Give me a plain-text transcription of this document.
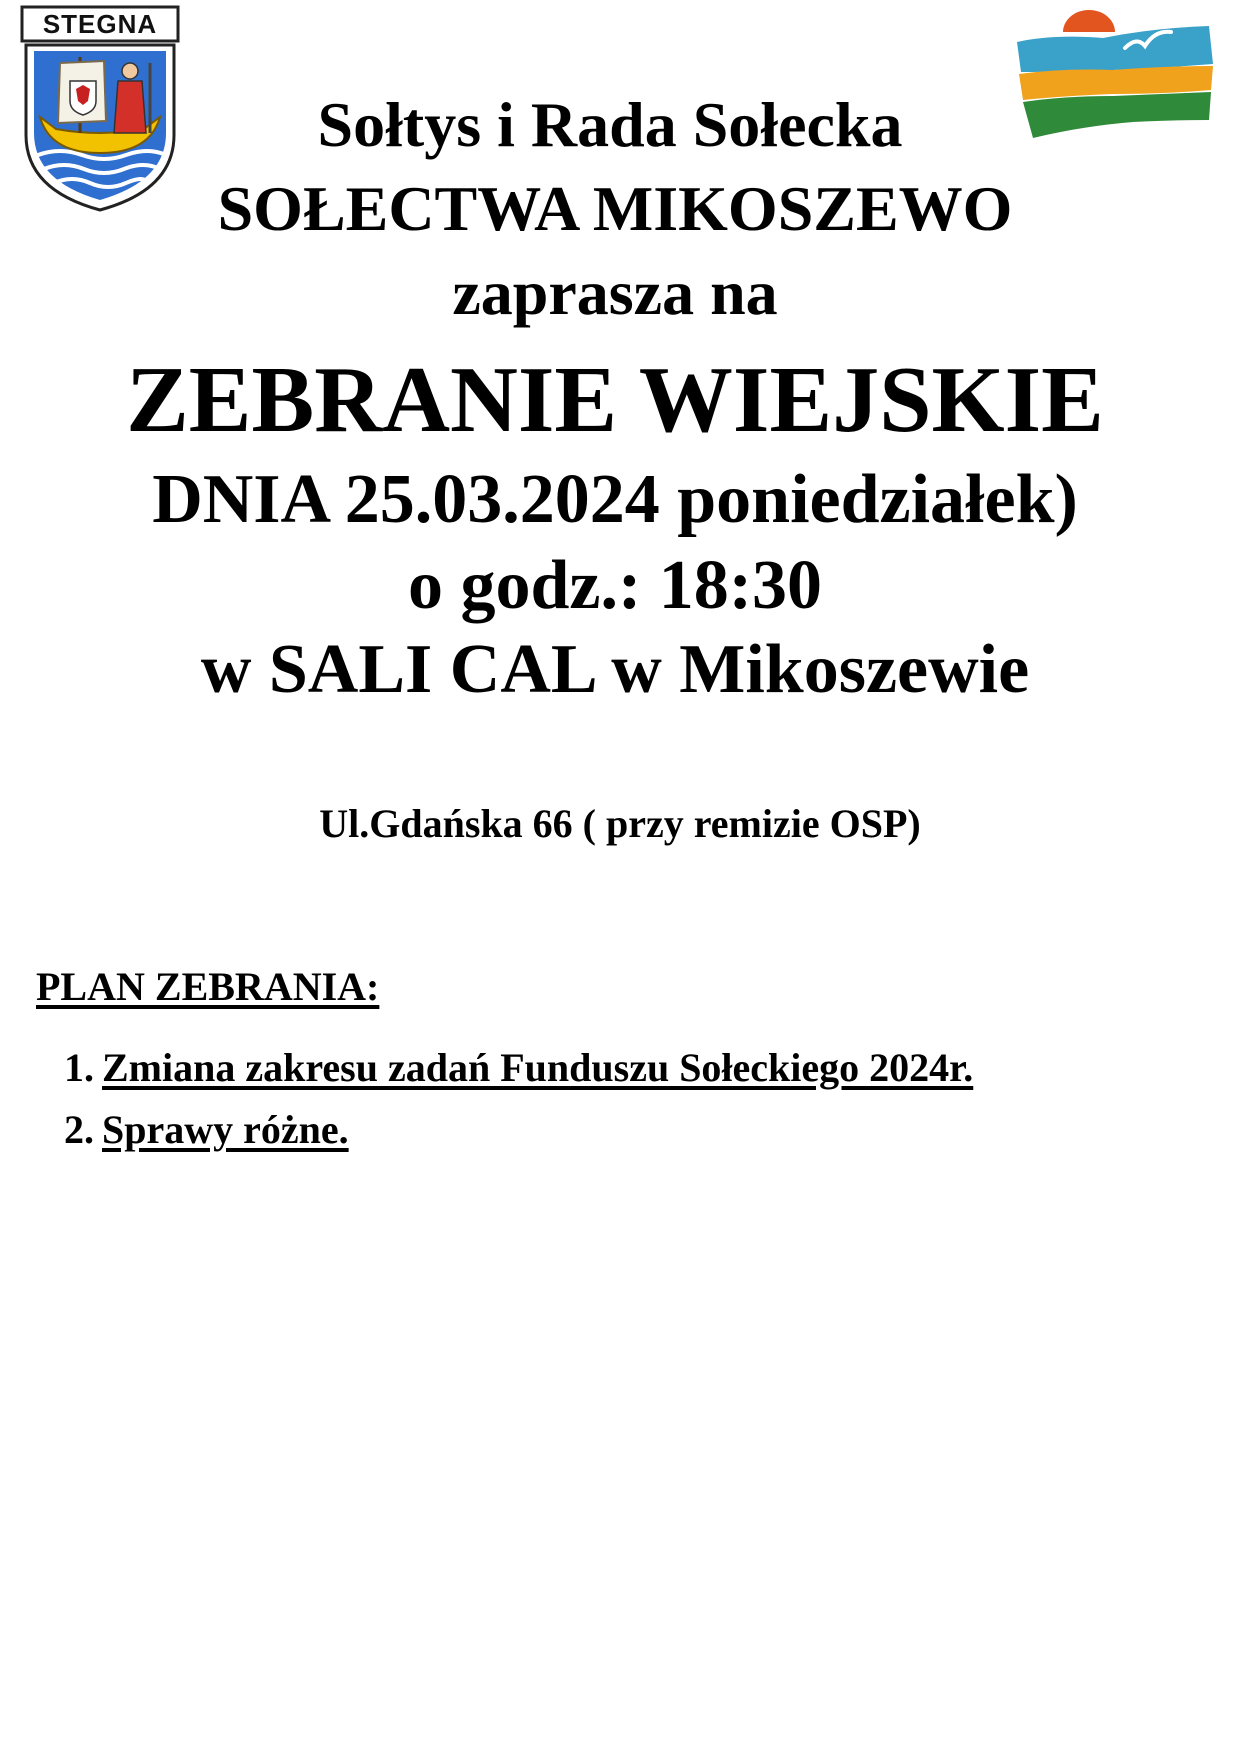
STEGNA
Sołtys i Rada Sołecka
SOŁECTWA MIKOSZEWO
zaprasza na
ZEBRANIE WIEJSKIE
DNIA 25.03.2024 poniedziałek)
o godz.: 18:30
w SALI CAL w Mikoszewie
Ul.Gdańska 66 ( przy remizie OSP)
PLAN ZEBRANIA:
1. Zmiana zakresu zadań Funduszu Sołeckiego 2024r.
2. Sprawy różne.
